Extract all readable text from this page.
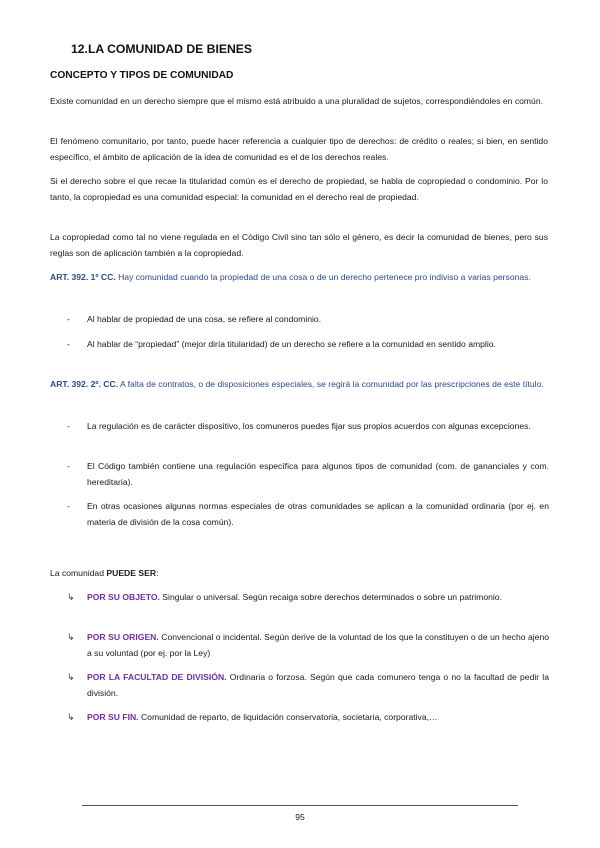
12.LA COMUNIDAD DE BIENES
CONCEPTO Y TIPOS DE COMUNIDAD
Existe comunidad en un derecho siempre que el mismo está atribuido a una pluralidad de sujetos, correspondiéndoles en común.
El fenómeno comunitario, por tanto, puede hacer referencia a cualquier tipo de derechos: de crédito o reales; si bien, en sentido específico, el ámbito de aplicación de la idea de comunidad es el de los derechos reales.
Si el derecho sobre el que recae la titularidad común es el derecho de propiedad, se habla de copropiedad o condominio. Por lo tanto, la copropiedad es una comunidad especial: la comunidad en el derecho real de propiedad.
La copropiedad como tal no viene regulada en el Código Civil sino tan sólo el género, es decir la comunidad de bienes, pero sus reglas son de aplicación también a la copropiedad.
ART. 392. 1º CC. Hay comunidad cuando la propiedad de una cosa o de un derecho pertenece pro indiviso a varias personas.
- Al hablar de propiedad de una cosa, se refiere al condominio.
- Al hablar de “propiedad” (mejor diría titularidad) de un derecho se refiere a la comunidad en sentido amplio.
ART. 392. 2º. CC. A falta de contratos, o de disposiciones especiales, se regirá la comunidad por las prescripciones de este título.
- La regulación es de carácter dispositivo, los comuneros puedes fijar sus propios acuerdos con algunas excepciones.
- El Código también contiene una regulación específica para algunos tipos de comunidad (com. de gananciales y com. hereditaria).
- En otras ocasiones algunas normas especiales de otras comunidades se aplican a la comunidad ordinaria (por ej. en materia de división de la cosa común).
La comunidad PUEDE SER:
↳ POR SU OBJETO. Singular o universal. Según recaiga sobre derechos determinados o sobre un patrimonio.
↳ POR SU ORIGEN. Convencional o incidental. Según derive de la voluntad de los que la constituyen o de un hecho ajeno a su voluntad (por ej. por la Ley)
↳ POR LA FACULTAD DE DIVISIÓN. Ordinaria o forzosa. Según que cada comunero tenga o no la facultad de pedir la división.
↳ POR SU FIN. Comunidad de reparto, de liquidación conservatoria, societaria, corporativa,…
95
